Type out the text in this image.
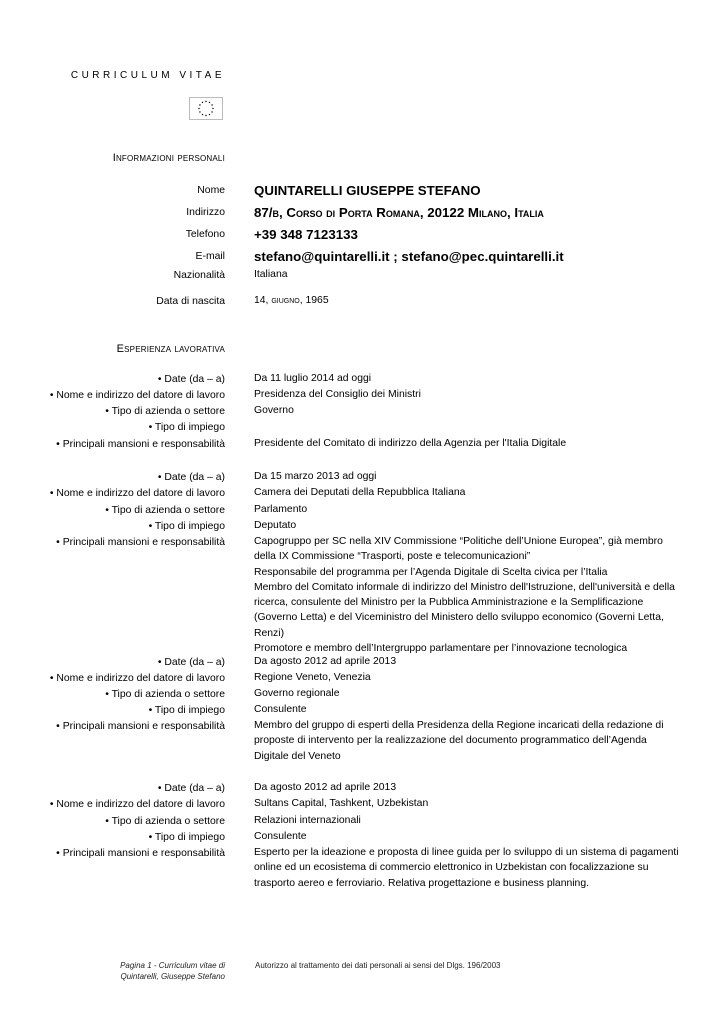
CURRICULUM VITAE
Informazioni personali
Nome QUINTARELLI GIUSEPPE STEFANO
Indirizzo 87/b, Corso di Porta Romana, 20122 Milano, Italia
Telefono +39 348 7123133
E-mail stefano@quintarelli.it ; stefano@pec.quintarelli.it
Nazionalità	Italiana
Data di nascita	14, giugno, 1965
Esperienza lavorativa
• Date (da – a)	Da 11 luglio 2014 ad oggi
• Nome e indirizzo del datore di lavoro	Presidenza del Consiglio dei Ministri
• Tipo di azienda o settore	Governo
• Tipo di impiego
• Principali mansioni e responsabilità	Presidente del Comitato di indirizzo della Agenzia per l'Italia Digitale
• Date (da – a)	Da 15 marzo 2013 ad oggi
• Nome e indirizzo del datore di lavoro	Camera dei Deputati della Repubblica Italiana
• Tipo di azienda o settore	Parlamento
• Tipo di impiego	Deputato
• Principali mansioni e responsabilità	Capogruppo per SC nella XIV Commissione “Politiche dell’Unione Europea”, già membro della IX Commissione “Trasporti, poste e telecomunicazioni”
Responsabile del programma per l’Agenda Digitale di Scelta civica per l’Italia
Membro del Comitato informale di indirizzo del Ministro dell'Istruzione, dell'università e della ricerca, consulente del Ministro per la Pubblica Amministrazione e la Semplificazione (Governo Letta) e del Viceministro del Ministero dello sviluppo economico (Governi Letta, Renzi)
Promotore e membro dell’Intergruppo parlamentare per l’innovazione tecnologica
• Date (da – a)	Da agosto 2012 ad aprile 2013
• Nome e indirizzo del datore di lavoro	Regione Veneto, Venezia
• Tipo di azienda o settore	Governo regionale
• Tipo di impiego	Consulente
• Principali mansioni e responsabilità	Membro del gruppo di esperti della Presidenza della Regione incaricati della redazione di proposte di intervento per la realizzazione del documento programmatico dell’Agenda Digitale del Veneto
• Date (da – a)	Da agosto 2012 ad aprile 2013
• Nome e indirizzo del datore di lavoro	Sultans Capital, Tashkent, Uzbekistan
• Tipo di azienda o settore	Relazioni internazionali
• Tipo di impiego	Consulente
• Principali mansioni e responsabilità	Esperto per la ideazione e proposta di linee guida per lo sviluppo di un sistema di pagamenti online ed un ecosistema di commercio elettronico in Uzbekistan con focalizzazione su trasporto aereo e ferroviario. Relativa progettazione e business planning.
Pagina 1 - Curriculum vitae di
Quintarelli, Giuseppe Stefano
Autorizzo al trattamento dei dati personali ai sensi del Dlgs. 196/2003
